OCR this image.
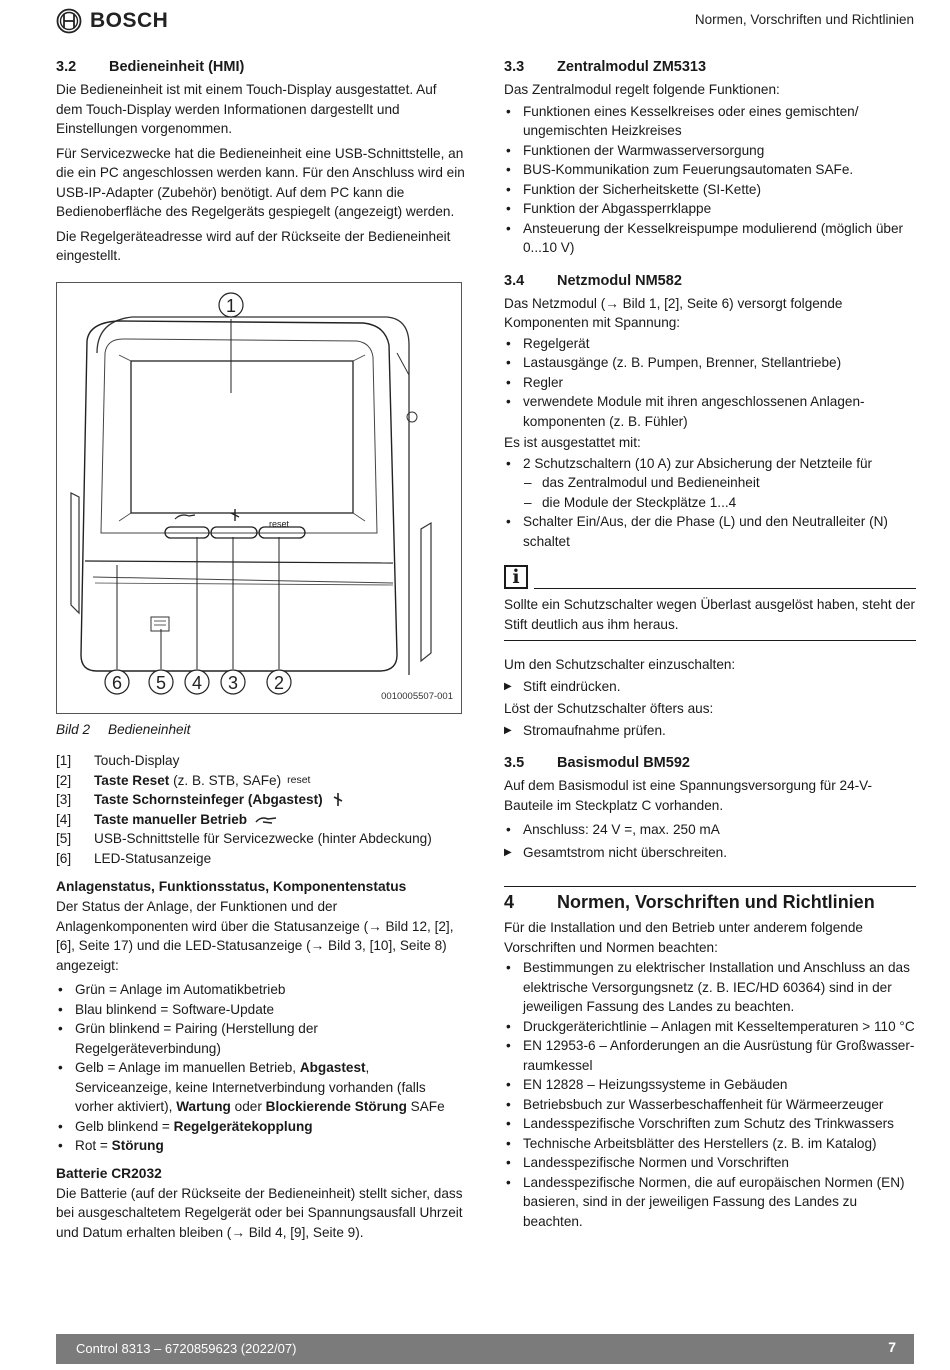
BOSCH	Normen, Vorschriften und Richtlinien
3.2	Bedieneinheit (HMI)

Die Bedieneinheit ist mit einem Touch-Display ausgestattet. Auf dem Touch-Display werden Informationen dargestellt und Einstellungen vorgenommen.

Für Servicezwecke hat die Bedieneinheit eine USB-Schnittstelle, an die ein PC angeschlossen werden kann. Für den Anschluss wird ein USB-IP-Adapter (Zubehör) benötigt. Auf dem PC kann die Bedienoberfläche des Regelgeräts gespiegelt (angezeigt) werden.

Die Regelgeräteadresse wird auf der Rückseite der Bedieneinheit eingestellt.

1
6 5 4 3 2
reset
0010005507-001
Bild 2	Bedieneinheit
[1]	Touch-Display
[2]	Taste Reset (z. B. STB, SAFe) reset
[3]	Taste Schornsteinfeger (Abgastest)
[4]	Taste manueller Betrieb
[5]	USB-Schnittstelle für Servicezwecke (hinter Abdeckung)
[6]	LED-Statusanzeige
Anlagenstatus, Funktionsstatus, Komponentenstatus

Der Status der Anlage, der Funktionen und der Anlagenkomponenten wird über die Statusanzeige (→ Bild 12, [2], [6], Seite 17) und die LED-Statusanzeige (→ Bild 3, [10], Seite 8) angezeigt:

• Grün = Anlage im Automatikbetrieb
• Blau blinkend = Software-Update
• Grün blinkend = Pairing (Herstellung der Regelgeräteverbindung)
• Gelb = Anlage im manuellen Betrieb, Abgastest, Serviceanzeige, keine Internetverbindung vorhanden (falls vorher aktiviert), Wartung oder Blockierende Störung SAFe
• Gelb blinkend = Regelgerätekopplung
• Rot = Störung
Batterie CR2032

Die Batterie (auf der Rückseite der Bedieneinheit) stellt sicher, dass bei ausgeschaltetem Regelgerät oder bei Spannungsausfall Uhrzeit und Datum erhalten bleiben (→ Bild 4, [9], Seite 9).

3.3	Zentralmodul ZM5313

Das Zentralmodul regelt folgende Funktionen:

• Funktionen eines Kesselkreises oder eines gemischten/ ungemischten Heizkreises
• Funktionen der Warmwasserversorgung
• BUS-Kommunikation zum Feuerungsautomaten SAFe.
• Funktion der Sicherheitskette (SI-Kette)
• Funktion der Abgassperrklappe
• Ansteuerung der Kesselkreispumpe modulierend (möglich über 0...10 V)
3.4	Netzmodul NM582

Das Netzmodul (→ Bild 1, [2], Seite 6) versorgt folgende Komponenten mit Spannung:

• Regelgerät
• Lastausgänge (z. B. Pumpen, Brenner, Stellantriebe)
• Regler
• verwendete Module mit ihren angeschlossenen Anlagen-komponenten (z. B. Fühler)

Es ist ausgestattet mit:

• 2 Schutzschaltern (10 A) zur Absicherung der Netzteile für
– das Zentralmodul und Bedieneinheit
– die Module der Steckplätze 1...4
• Schalter Ein/Aus, der die Phase (L) und den Neutralleiter (N) schaltet
i
Sollte ein Schutzschalter wegen Überlast ausgelöst haben, steht der Stift deutlich aus ihm heraus.

Um den Schutzschalter einzuschalten:

▶ Stift eindrücken.

Löst der Schutzschalter öfters aus:

▶ Stromaufnahme prüfen.
3.5	Basismodul BM592

Auf dem Basismodul ist eine Spannungsversorgung für 24-V-Bauteile im Steckplatz C vorhanden.

• Anschluss: 24 V =, max. 250 mA
▶ Gesamtstrom nicht überschreiten.
4	Normen, Vorschriften und Richtlinien

Für die Installation und den Betrieb unter anderem folgende Vorschriften und Normen beachten:

• Bestimmungen zu elektrischer Installation und Anschluss an das elektrische Versorgungsnetz (z. B. IEC/HD 60364) sind in der jeweiligen Fassung des Landes zu beachten.
• Druckgeräterichtlinie – Anlagen mit Kesseltemperaturen > 110 °C
• EN 12953-6 – Anforderungen an die Ausrüstung für Großwasser-raumkessel
• EN 12828 – Heizungssysteme in Gebäuden
• Betriebsbuch zur Wasserbeschaffenheit für Wärmeerzeuger
• Landesspezifische Vorschriften zum Schutz des Trinkwassers
• Technische Arbeitsblätter des Herstellers (z. B. im Katalog)
• Landesspezifische Normen und Vorschriften
• Landesspezifische Normen, die auf europäischen Normen (EN) basieren, sind in der jeweiligen Fassung des Landes zu beachten.
Control 8313 – 6720859623 (2022/07)	7
